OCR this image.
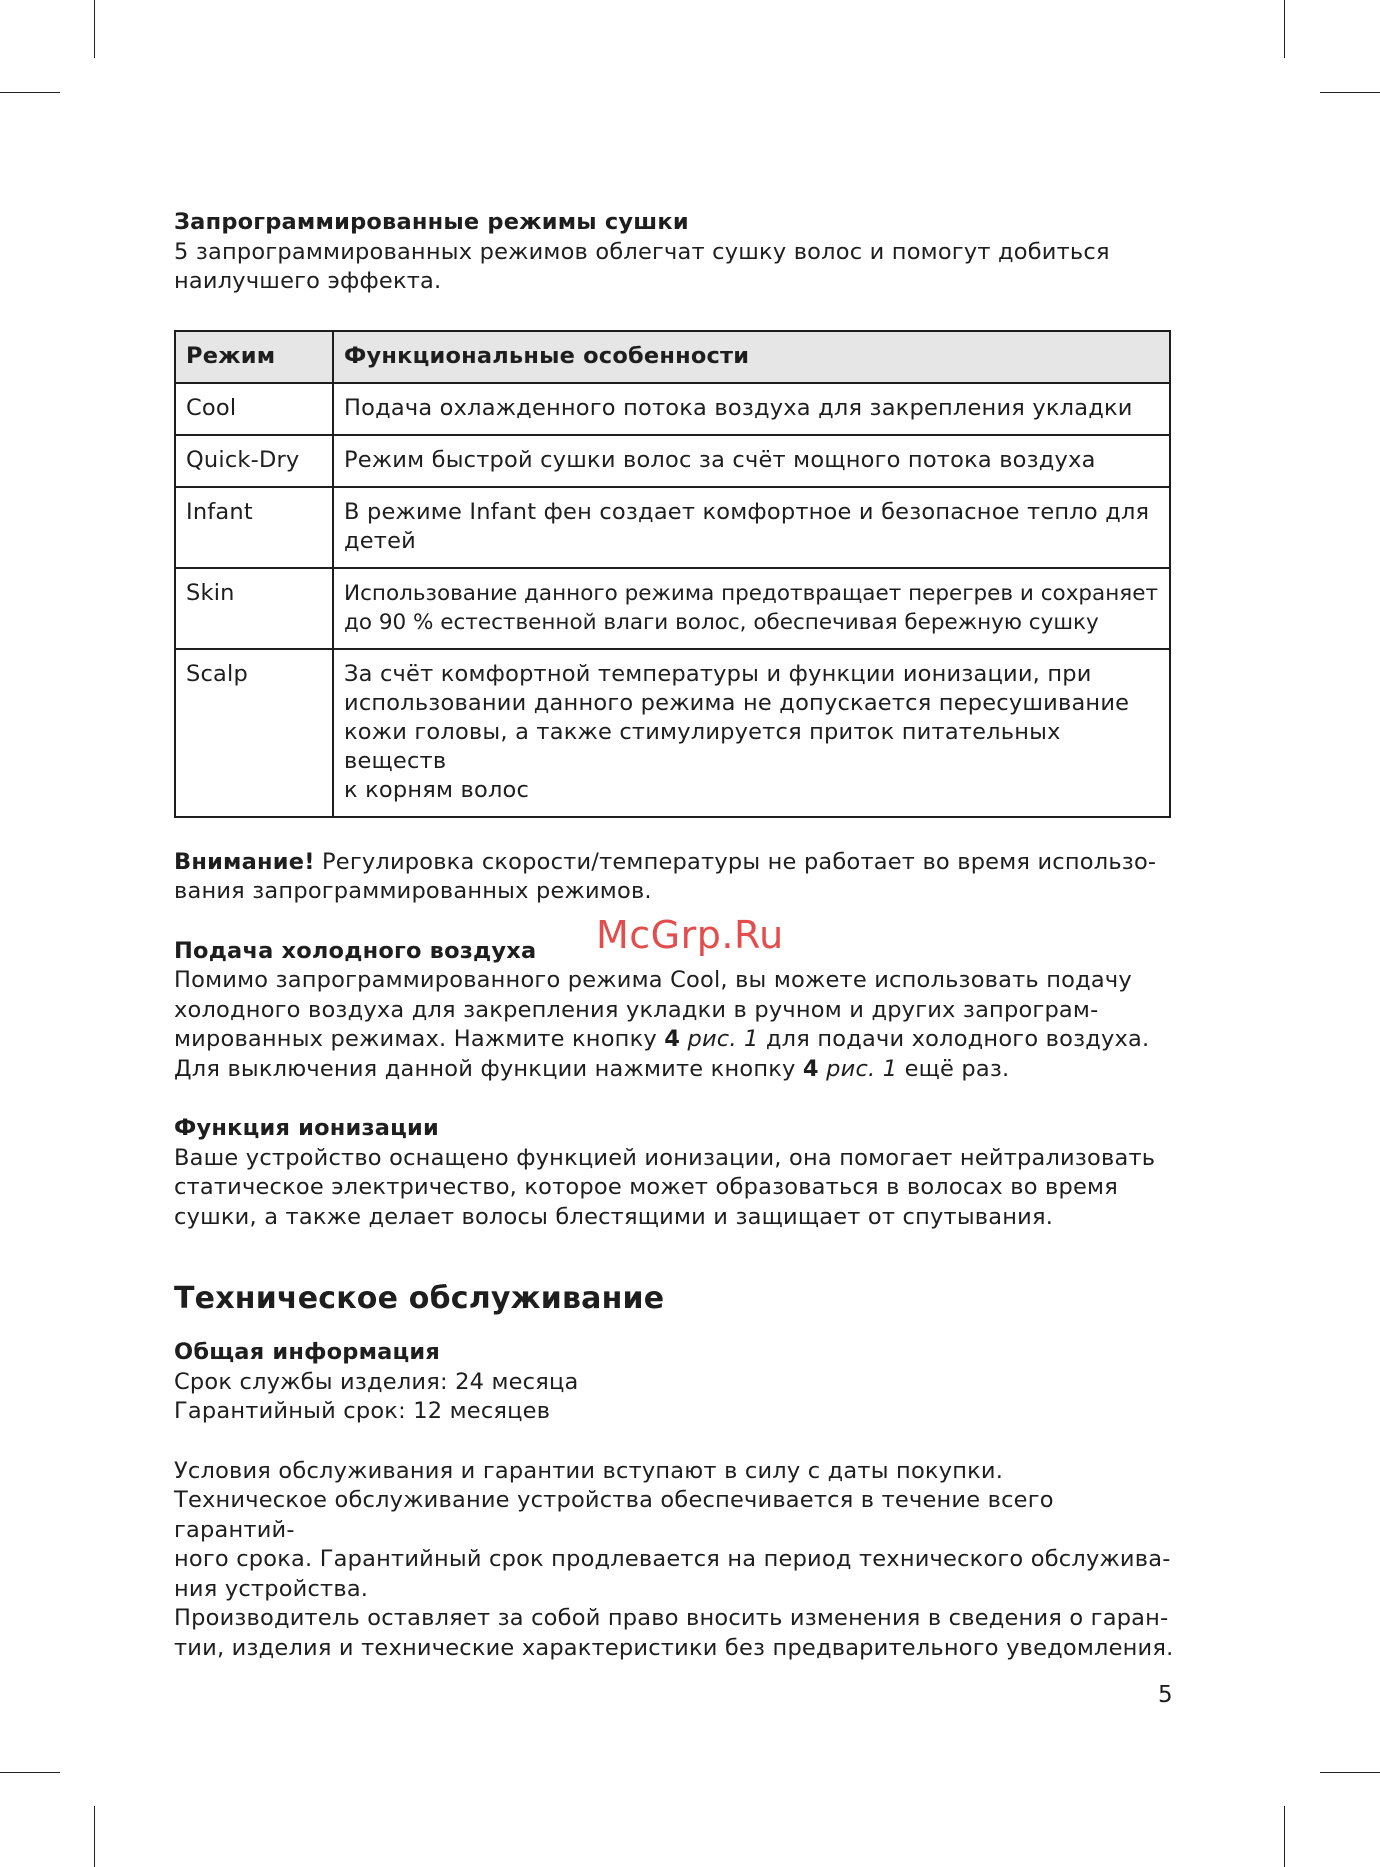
Запрограммированные режимы сушки

5 запрограммированных режимов облегчат сушку волос и помогут добиться

наилучшего эффекта.

Режим	Функциональные особенности
Cool	Подача охлажденного потока воздуха для закрепления укладки

Quick-Dry	Режим быстрой сушки волос за счёт мощного потока воздуха

Infant	В режиме Infant фен создает комфортное и безопасное тепло для
детей

Skin	Использование данного режима предотвращает перегрев и сохраняет
до 90 % естественной влаги волос, обеспечивая бережную сушку

Scalp	За счёт комфортной температуры и функции ионизации, при
использовании данного режима не допускается пересушивание
кожи головы, а также стимулируется приток питательных веществ
к корням волос

Внимание! Регулировка скорости/температуры не работает во время использо-

вания запрограммированных режимов.

Подача холодного воздуха

Помимо запрограммированного режима Cool, вы можете использовать подачу

холодного воздуха для закрепления укладки в ручном и других запрограм-

мированных режимах. Нажмите кнопку 4 рис. 1 для подачи холодного воздуха.

Для выключения данной функции нажмите кнопку 4 рис. 1 ещё раз.

Функция ионизации

Ваше устройство оснащено функцией ионизации, она помогает нейтрализовать

статическое электричество, которое может образоваться в волосах во время

сушки, а также делает волосы блестящими и защищает от спутывания.

Техническое обслуживание

Общая информация

Срок службы изделия: 24 месяца

Гарантийный срок: 12 месяцев

Условия обслуживания и гарантии вступают в силу с даты покупки.

Техническое обслуживание устройства обеспечивается в течение всего гарантий-

ного срока. Гарантийный срок продлевается на период технического обслужива-

ния устройства.

Производитель оставляет за собой право вносить изменения в сведения о гаран-

тии, изделия и технические характеристики без предварительного уведомления.

McGrp.Ru
5
